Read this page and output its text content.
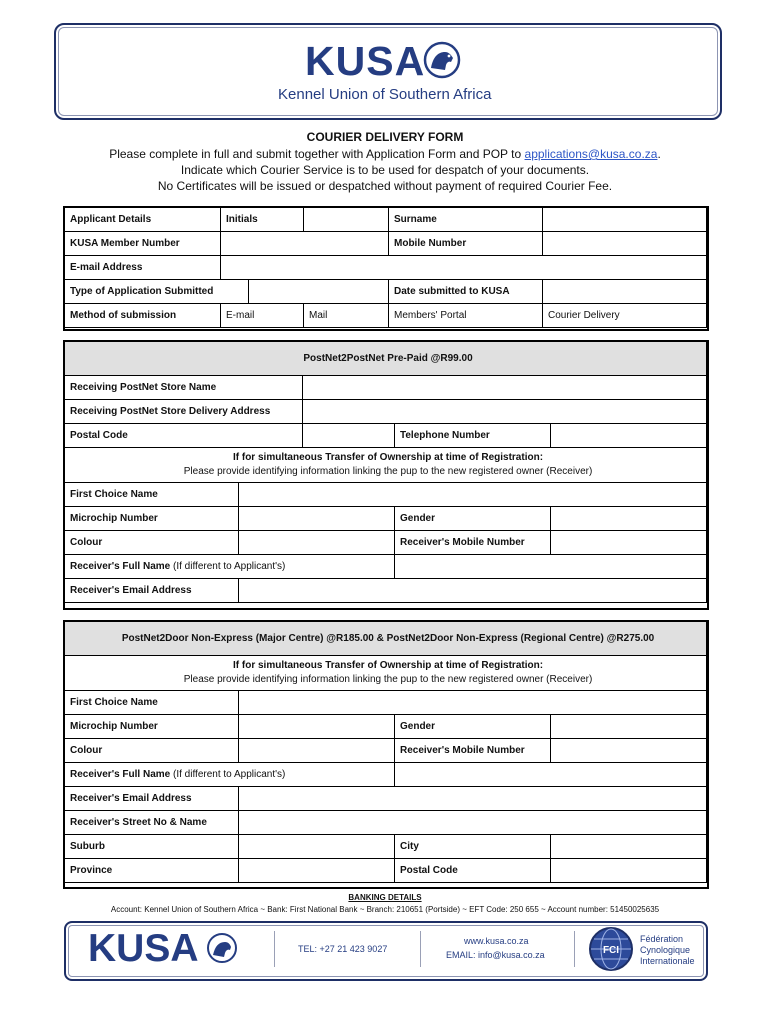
KUSA
Kennel Union of Southern Africa
COURIER DELIVERY FORM
Please complete in full and submit together with Application Form and POP to applications@kusa.co.za.
Indicate which Courier Service is to be used for despatch of your documents.
No Certificates will be issued or despatched without payment of required Courier Fee.
Applicant Details	Initials			Surname	
KUSA Member Number				Mobile Number	
E-mail Address					
Type of Application Submitted				Date submitted to KUSA	
Method of submission	E-mail		Mail	Members' Portal	Courier Delivery
PostNet2PostNet Pre-Paid @R99.00				
Receiving PostNet Store Name				
Receiving PostNet Store Delivery Address				
Postal Code			Telephone Number	
If for simultaneous Transfer of Ownership at time of Registration:
Please provide identifying information linking the pup to the new registered owner (Receiver)				
First Choice Name				
Microchip Number			Gender	
Colour			Receiver's Mobile Number	
Receiver's Full Name (If different to Applicant's)				
Receiver's Email Address				
PostNet2Door Non-Express (Major Centre) @R185.00 & PostNet2Door Non-Express (Regional Centre) @R275.00			
If for simultaneous Transfer of Ownership at time of Registration:
Please provide identifying information linking the pup to the new registered owner (Receiver)			
First Choice Name			
Microchip Number		Gender	
Colour		Receiver's Mobile Number	
Receiver's Full Name (If different to Applicant's)			
Receiver's Email Address			
Receiver's Street No & Name			
Suburb		City	
Province		Postal Code	
BANKING DETAILS
Account: Kennel Union of Southern Africa ~ Bank: First National Bank ~ Branch: 210651 (Portside) ~ EFT Code: 250 655 ~ Account number: 51450025635
KUSA	TEL: +27 21 423 9027
www.kusa.co.za
EMAIL: info@kusa.co.za	FCI
Fédération
Cynologique
Internationale
